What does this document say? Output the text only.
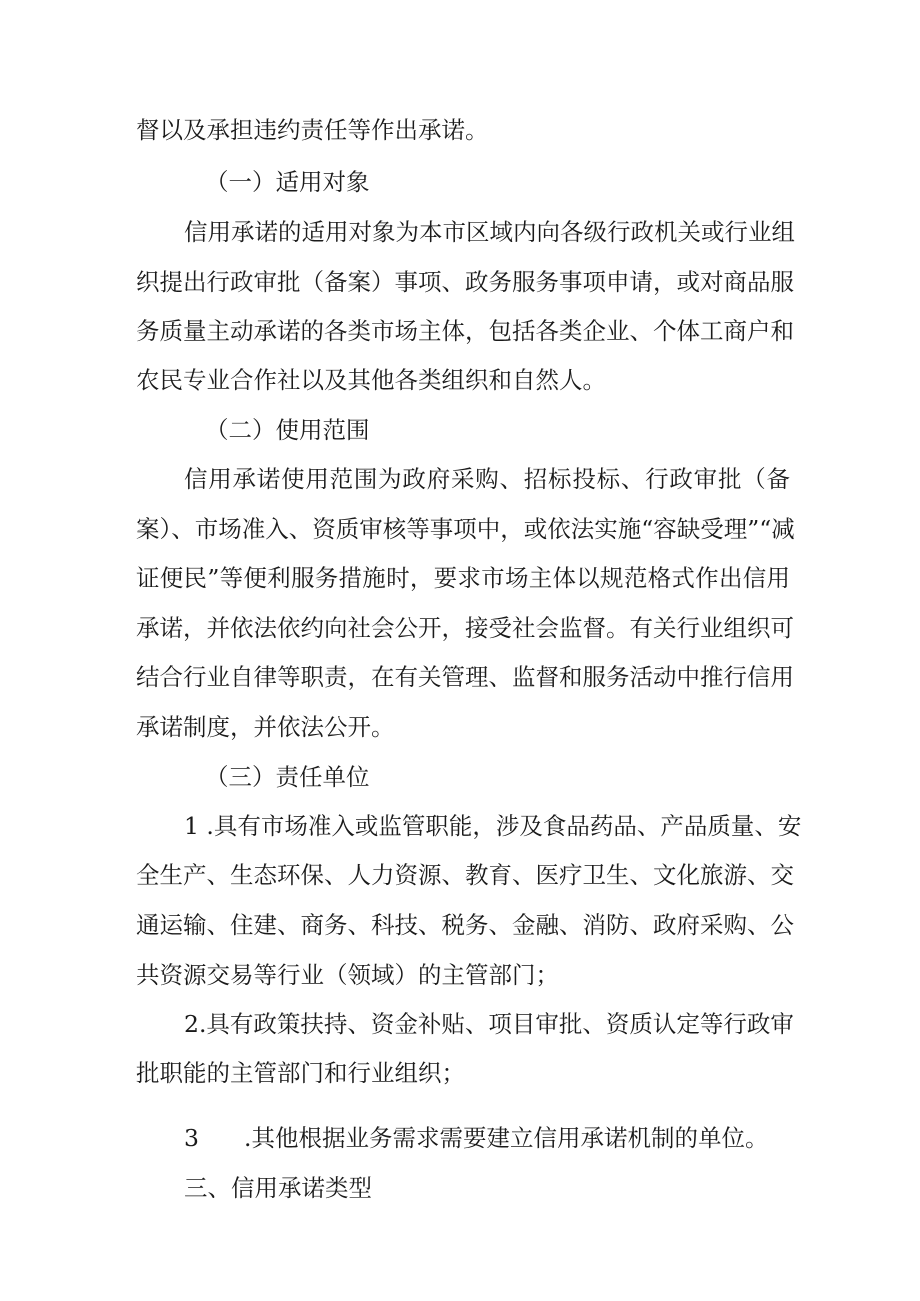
督以及承担违约责任等作出承诺。
（一）适用对象
信用承诺的适用对象为本市区域内向各级行政机关或行业组
织提出行政审批（备案）事项、政务服务事项申请，或对商品服
务质量主动承诺的各类市场主体，包括各类企业、个体工商户和
农民专业合作社以及其他各类组织和自然人。
（二）使用范围
信用承诺使用范围为政府采购、招标投标、行政审批（备
案）、市场准入、资质审核等事项中，或依法实施“容缺受理”“减
证便民”等便利服务措施时，要求市场主体以规范格式作出信用
承诺，并依法依约向社会公开，接受社会监督。有关行业组织可
结合行业自律等职责，在有关管理、监督和服务活动中推行信用
承诺制度，并依法公开。
（三）责任单位
1 .具有市场准入或监管职能，涉及食品药品、产品质量、安
全生产、生态环保、人力资源、教育、医疗卫生、文化旅游、交
通运输、住建、商务、科技、税务、金融、消防、政府采购、公
共资源交易等行业（领域）的主管部门；
2.具有政策扶持、资金补贴、项目审批、资质认定等行政审
批职能的主管部门和行业组织；
3 .其他根据业务需求需要建立信用承诺机制的单位。
三、信用承诺类型
